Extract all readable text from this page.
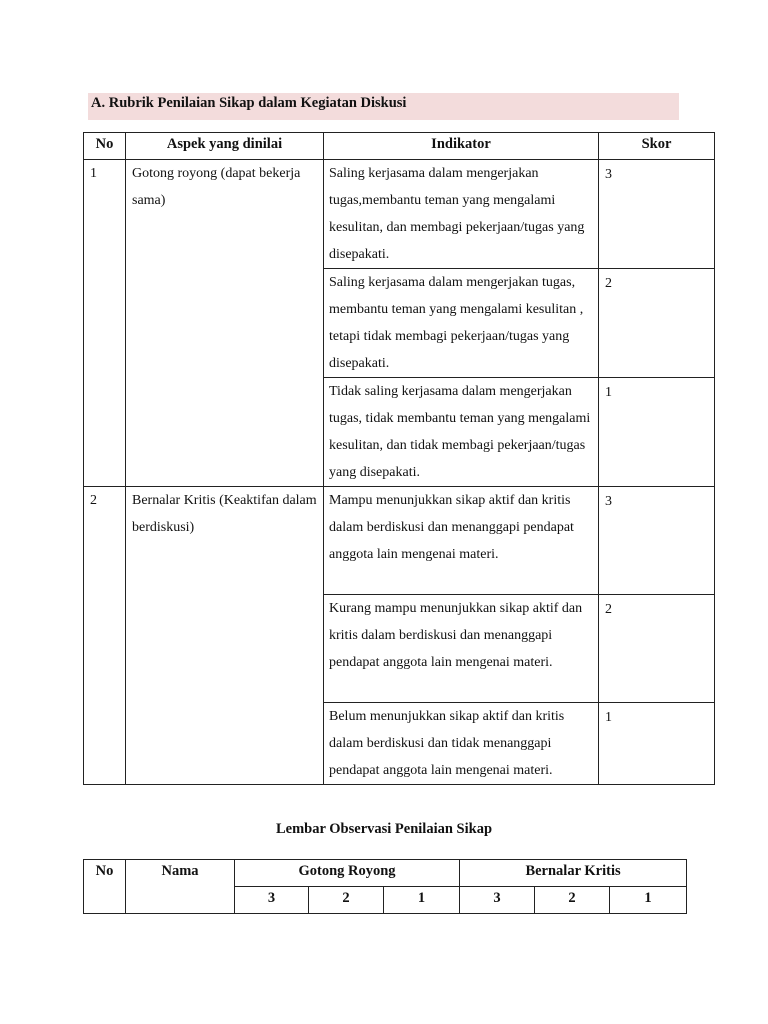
A. Rubrik Penilaian Sikap dalam Kegiatan Diskusi
No	Aspek yang dinilai	Indikator	Skor
1	Gotong royong (dapat bekerja sama)	Saling kerjasama dalam mengerjakan tugas,membantu teman yang mengalami kesulitan, dan membagi pekerjaan/tugas yang disepakati.	3
		Saling kerjasama dalam mengerjakan tugas, membantu teman yang mengalami kesulitan , tetapi tidak membagi pekerjaan/tugas yang disepakati.	2
		Tidak saling kerjasama dalam mengerjakan tugas, tidak membantu teman yang mengalami kesulitan, dan tidak membagi pekerjaan/tugas yang disepakati.	1
2	Bernalar Kritis (Keaktifan dalam berdiskusi)	Mampu menunjukkan sikap aktif dan kritis dalam berdiskusi dan menanggapi pendapat
anggota lain mengenai materi.	3

		Kurang mampu menunjukkan sikap aktif dan kritis dalam berdiskusi dan menanggapi
pendapat anggota lain mengenai materi.	2
		Belum menunjukkan sikap aktif dan kritis dalam berdiskusi dan tidak menanggapi pendapat anggota lain mengenai materi.	1
Lembar Observasi Penilaian Sikap
No	Nama	Gotong Royong			Bernalar Kritis		
		3	2	1	3	2	1
